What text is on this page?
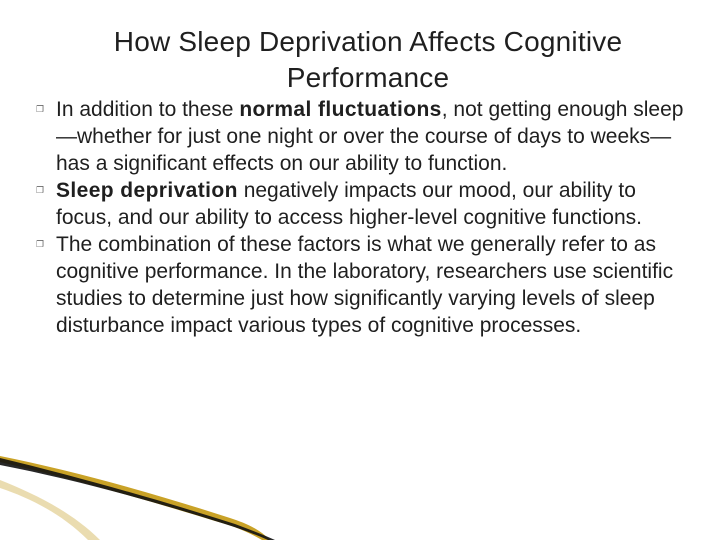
How Sleep Deprivation Affects Cognitive
Performance
❐ In addition to these normal fluctuations, not getting enough sleep—whether for just one night or over the course of days to weeks—has a significant effects on our ability to function.
❐ Sleep deprivation negatively impacts our mood, our ability to focus, and our ability to access higher-level cognitive functions.
❐ The combination of these factors is what we generally refer to as cognitive performance. In the laboratory, researchers use scientific studies to determine just how significantly varying levels of sleep disturbance impact various types of cognitive processes.
